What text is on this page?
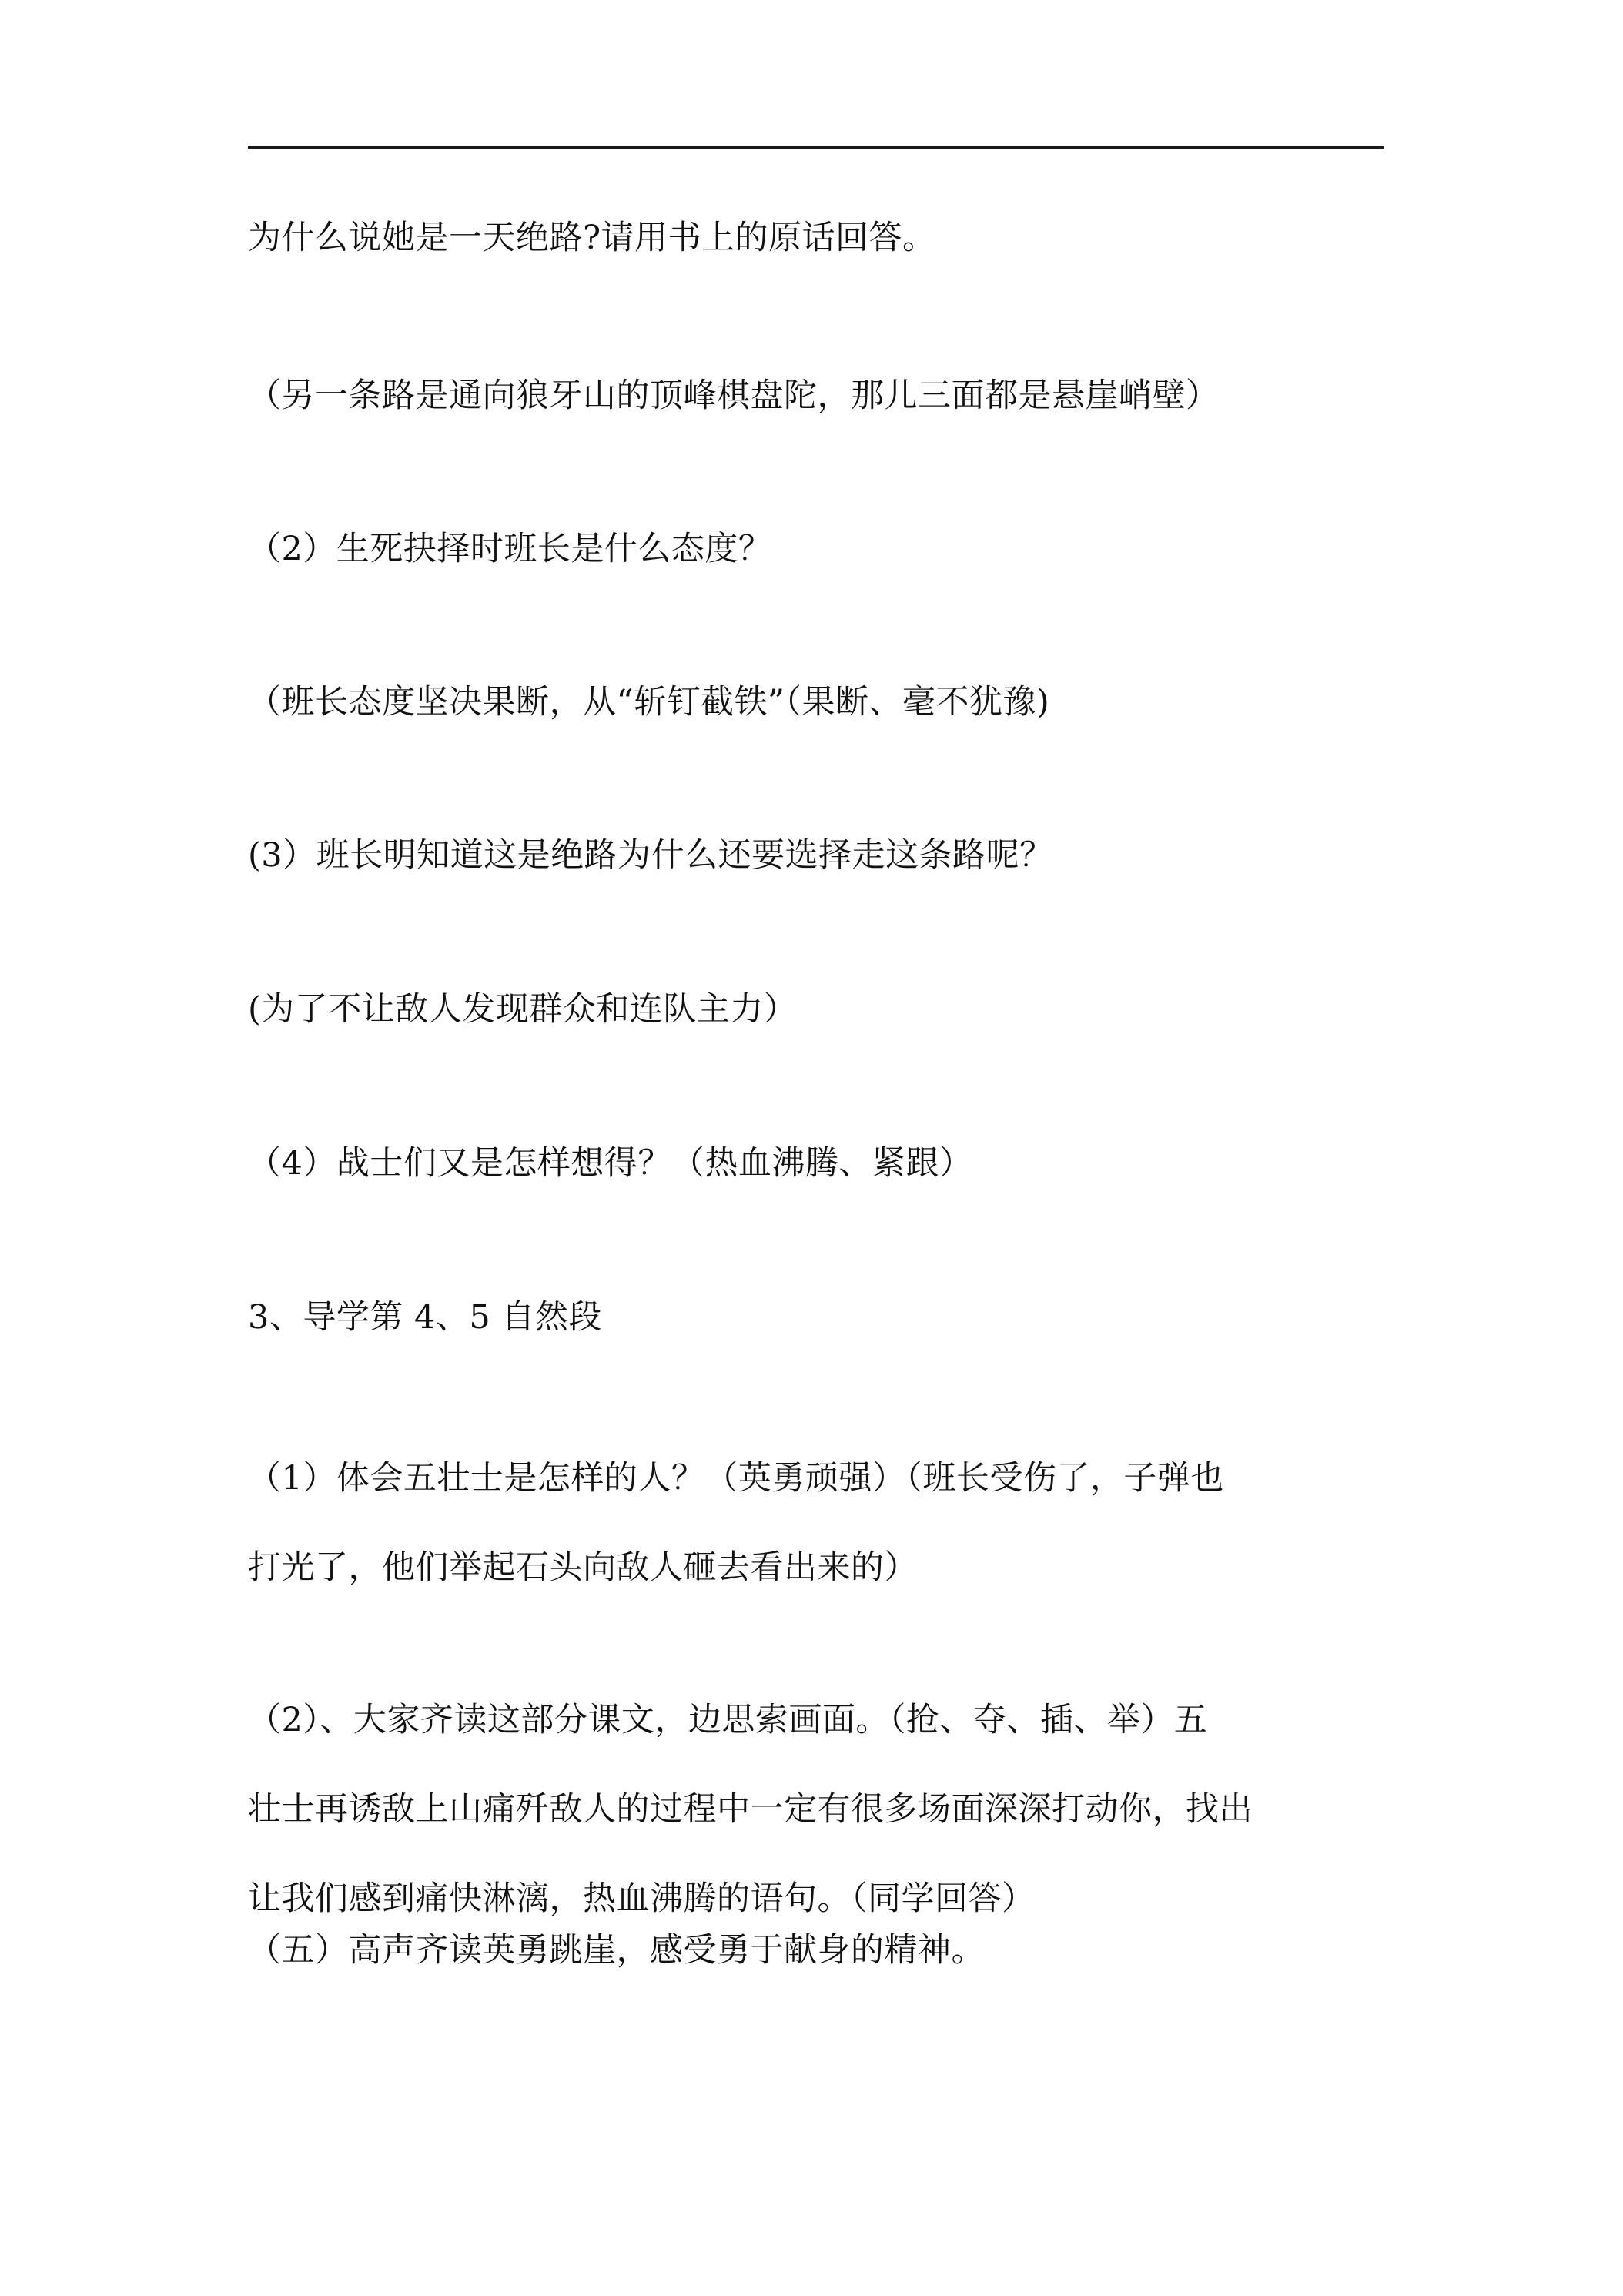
为什么说她是一天绝路?请用书上的原话回答。
（另一条路是通向狼牙山的顶峰棋盘陀，那儿三面都是悬崖峭壁）
（2）生死抉择时班长是什么态度？
（班长态度坚决果断，从“斩钉截铁”（果断、毫不犹豫)
(3）班长明知道这是绝路为什么还要选择走这条路呢？
(为了不让敌人发现群众和连队主力）
（4）战士们又是怎样想得？（热血沸腾、紧跟）
3、导学第 4、5 自然段
（1）体会五壮士是怎样的人？（英勇顽强）（班长受伤了，子弹也
打光了，他们举起石头向敌人砸去看出来的）
（2）、大家齐读这部分课文，边思索画面。（抢、夺、插、举）五
壮士再诱敌上山痛歼敌人的过程中一定有很多场面深深打动你，找出
让我们感到痛快淋漓，热血沸腾的语句。（同学回答）
（五）高声齐读英勇跳崖，感受勇于献身的精神。
